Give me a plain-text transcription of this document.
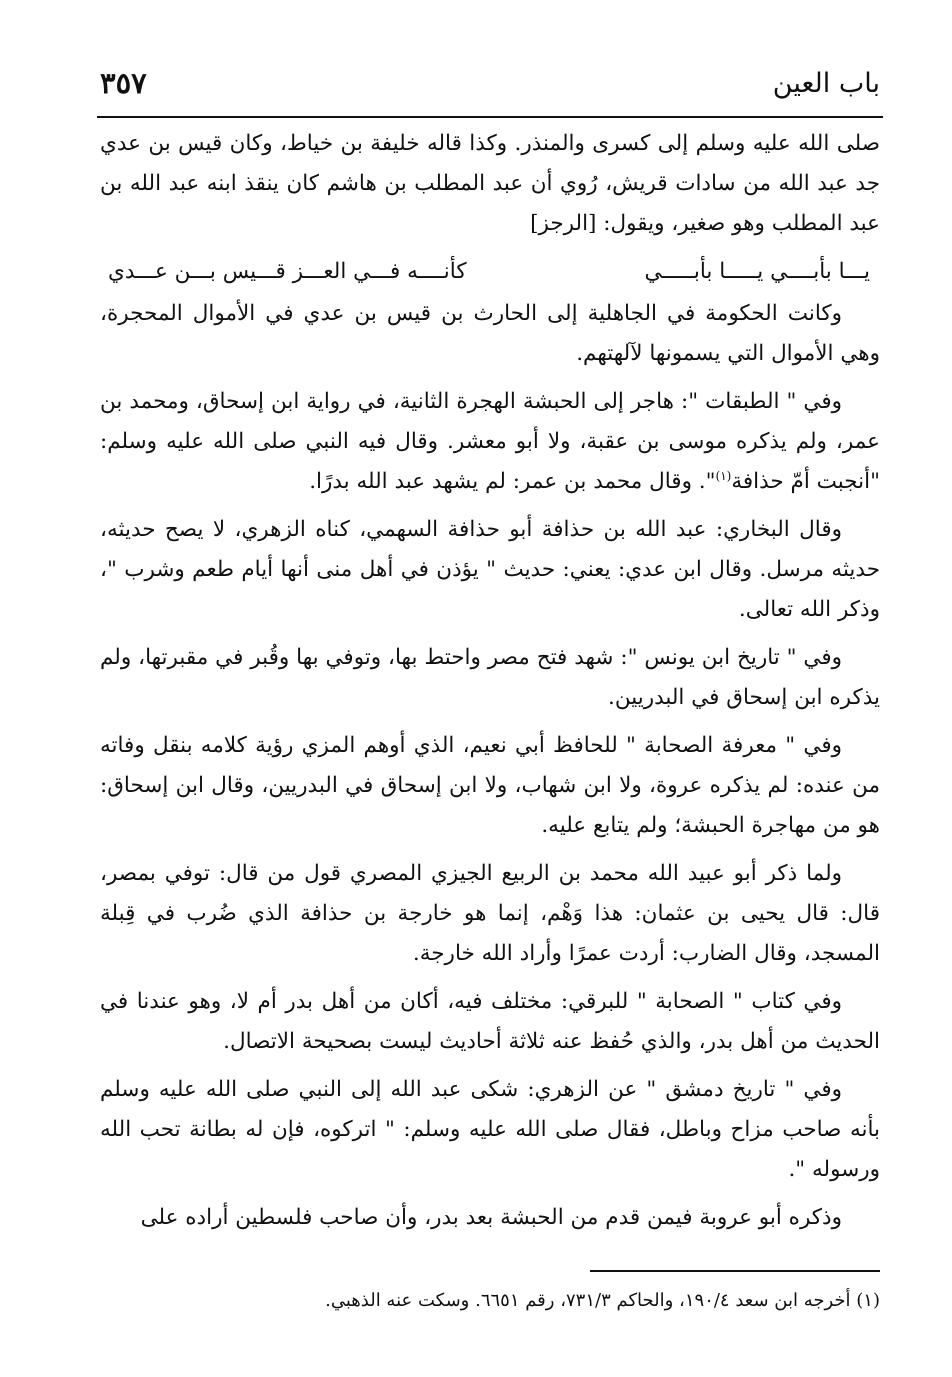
باب العين
٣٥٧

صلى الله عليه وسلم إلى كسرى والمنذر. وكذا قاله خليفة بن خياط، وكان قيس بن عدي جد عبد الله من سادات قريش، رُوي أن عبد المطلب بن هاشم كان ينقذ ابنه عبد الله بن عبد المطلب وهو صغير، ويقول: [الرجز]

يـــا بأبــــي يـــــا بأبـــــي
كأنــــه فـــي العـــز قـــيس بـــن عـــدي

وكانت الحكومة في الجاهلية إلى الحارث بن قيس بن عدي في الأموال المحجرة، وهي الأموال التي يسمونها لآلهتهم.

وفي " الطبقات ": هاجر إلى الحبشة الهجرة الثانية، في رواية ابن إسحاق، ومحمد بن عمر، ولم يذكره موسى بن عقبة، ولا أبو معشر. وقال فيه النبي صلى الله عليه وسلم: "أنجبت أمّ حذافة$^{(١)}$". وقال محمد بن عمر: لم يشهد عبد الله بدرًا.

وقال البخاري: عبد الله بن حذافة أبو حذافة السهمي، كناه الزهري، لا يصح حديثه، حديثه مرسل. وقال ابن عدي: يعني: حديث " يؤذن في أهل منى أنها أيام طعم وشرب "، وذكر الله تعالى.

وفي " تاريخ ابن يونس ": شهد فتح مصر واحتط بها، وتوفي بها وقُبر في مقبرتها، ولم يذكره ابن إسحاق في البدريين.

وفي " معرفة الصحابة " للحافظ أبي نعيم، الذي أوهم المزي رؤية كلامه بنقل وفاته من عنده: لم يذكره عروة، ولا ابن شهاب، ولا ابن إسحاق في البدريين، وقال ابن إسحاق: هو من مهاجرة الحبشة؛ ولم يتابع عليه.

ولما ذكر أبو عبيد الله محمد بن الربيع الجيزي المصري قول من قال: توفي بمصر، قال: قال يحيى بن عثمان: هذا وَهْم، إنما هو خارجة بن حذافة الذي ضُرب في قِبلة المسجد، وقال الضارب: أردت عمرًا وأراد الله خارجة.

وفي كتاب " الصحابة " للبرقي: مختلف فيه، أكان من أهل بدر أم لا، وهو عندنا في الحديث من أهل بدر، والذي حُفظ عنه ثلاثة أحاديث ليست بصحيحة الاتصال.

وفي " تاريخ دمشق " عن الزهري: شكى عبد الله إلى النبي صلى الله عليه وسلم بأنه صاحب مزاح وباطل، فقال صلى الله عليه وسلم: " اتركوه، فإن له بطانة تحب الله ورسوله ".

وذكره أبو عروبة فيمن قدم من الحبشة بعد بدر، وأن صاحب فلسطين أراده على

(١) أخرجه ابن سعد ١٩٠/٤، والحاكم ٧٣١/٣، رقم ٦٦٥١. وسكت عنه الذهبي.
